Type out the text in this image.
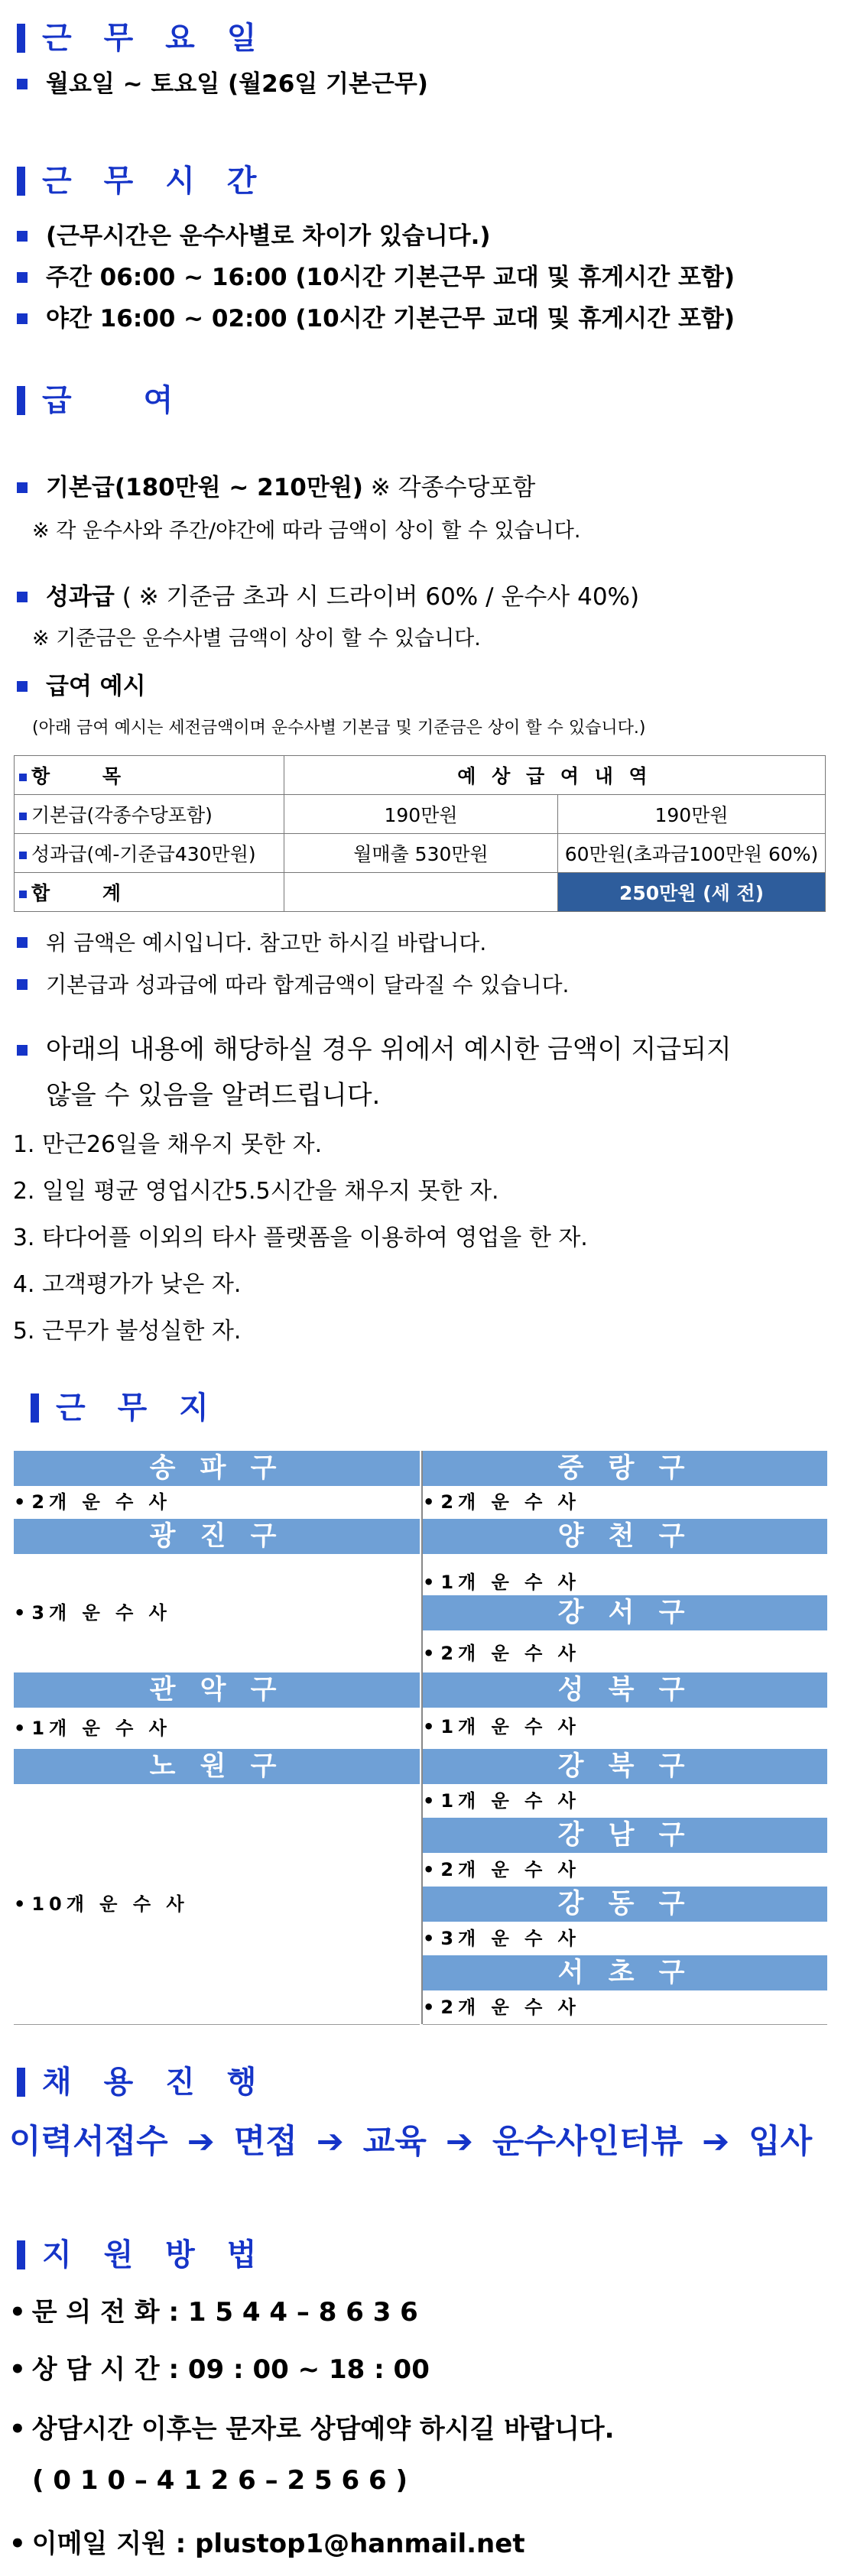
근 무 요 일
월요일 ~ 토요일 (월26일 기본근무)
근 무 시 간
(근무시간은 운수사별로 차이가 있습니다.)
주간 06:00 ~ 16:00 (10시간 기본근무 교대 및 휴게시간 포함)
야간 16:00 ~ 02:00 (10시간 기본근무 교대 및 휴게시간 포함)
급 여
기본급(180만원 ~ 210만원) ※ 각종수당포함
※ 각 운수사와 주간/야간에 따라 금액이 상이 할 수 있습니다.
성과급 ( ※ 기준금 초과 시 드라이버 60% / 운수사 40%)
※ 기준금은 운수사별 금액이 상이 할 수 있습니다.
급여 예시
(아래 금여 예시는 세전금액이며 운수사별 기본급 및 기준금은 상이 할 수 있습니다.)
항 목	예 상 급 여 내 역	
기본급(각종수당포함)	190만원	190만원
성과급(예-기준급430만원)	월매출 530만원	60만원(초과금100만원 60%)
합 계		250만원 (세 전)
위 금액은 예시입니다. 참고만 하시길 바랍니다.
기본급과 성과급에 따라 합계금액이 달라질 수 있습니다.
아래의 내용에 해당하실 경우 위에서 예시한 금액이 지급되지
않을 수 있음을 알려드립니다.
1. 만근26일을 채우지 못한 자.
2. 일일 평균 영업시간5.5시간을 채우지 못한 자.
3. 타다어플 이외의 타사 플랫폼을 이용하여 영업을 한 자.
4. 고객평가가 낮은 자.
5. 근무가 불성실한 자.
근 무 지
송 파 구
• 2개 운 수 사
광 진 구
• 3개 운 수 사
관 악 구
• 1개 운 수 사
노 원 구
• 10개 운 수 사
중 랑 구
• 2개 운 수 사
양 천 구
• 1개 운 수 사
강 서 구
• 2개 운 수 사
성 북 구
• 1개 운 수 사
강 북 구
• 1개 운 수 사
강 남 구
• 2개 운 수 사
강 동 구
• 3개 운 수 사
서 초 구
• 2개 운 수 사
채 용 진 행
이력서접수 ➔ 면접 ➔ 교육 ➔ 운수사인터뷰 ➔ 입사
지 원 방 법
• 문 의 전 화 : 1 5 4 4 – 8 6 3 6
• 상 담 시 간 : 09 : 00 ~ 18 : 00
• 상담시간 이후는 문자로 상담예약 하시길 바랍니다.
( 0 1 0 – 4 1 2 6 – 2 5 6 6 )
• 이메일 지원 : plustop1@hanmail.net
